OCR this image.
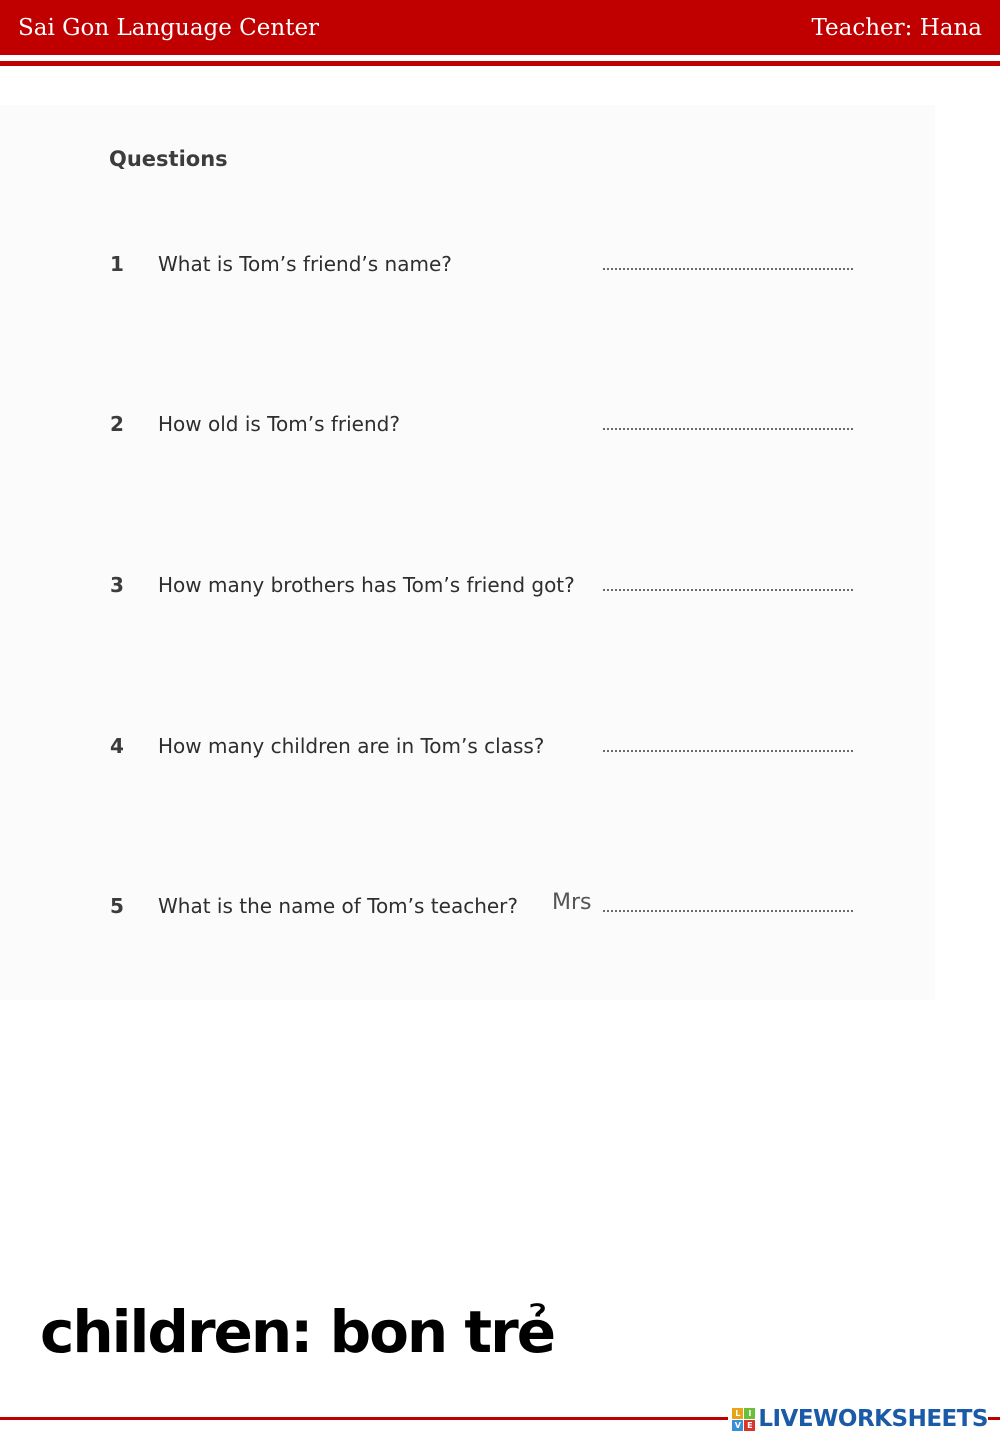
Sai Gon Language Center	Teacher: Hana
Questions
1 What is Tom’s friend’s name?
2 How old is Tom’s friend?
3 How many brothers has Tom’s friend got?
4 How many children are in Tom’s class?
5 What is the name of Tom’s teacher? Mrs
children: bon trẻ
L I
V E LIVEWORKSHEETS
